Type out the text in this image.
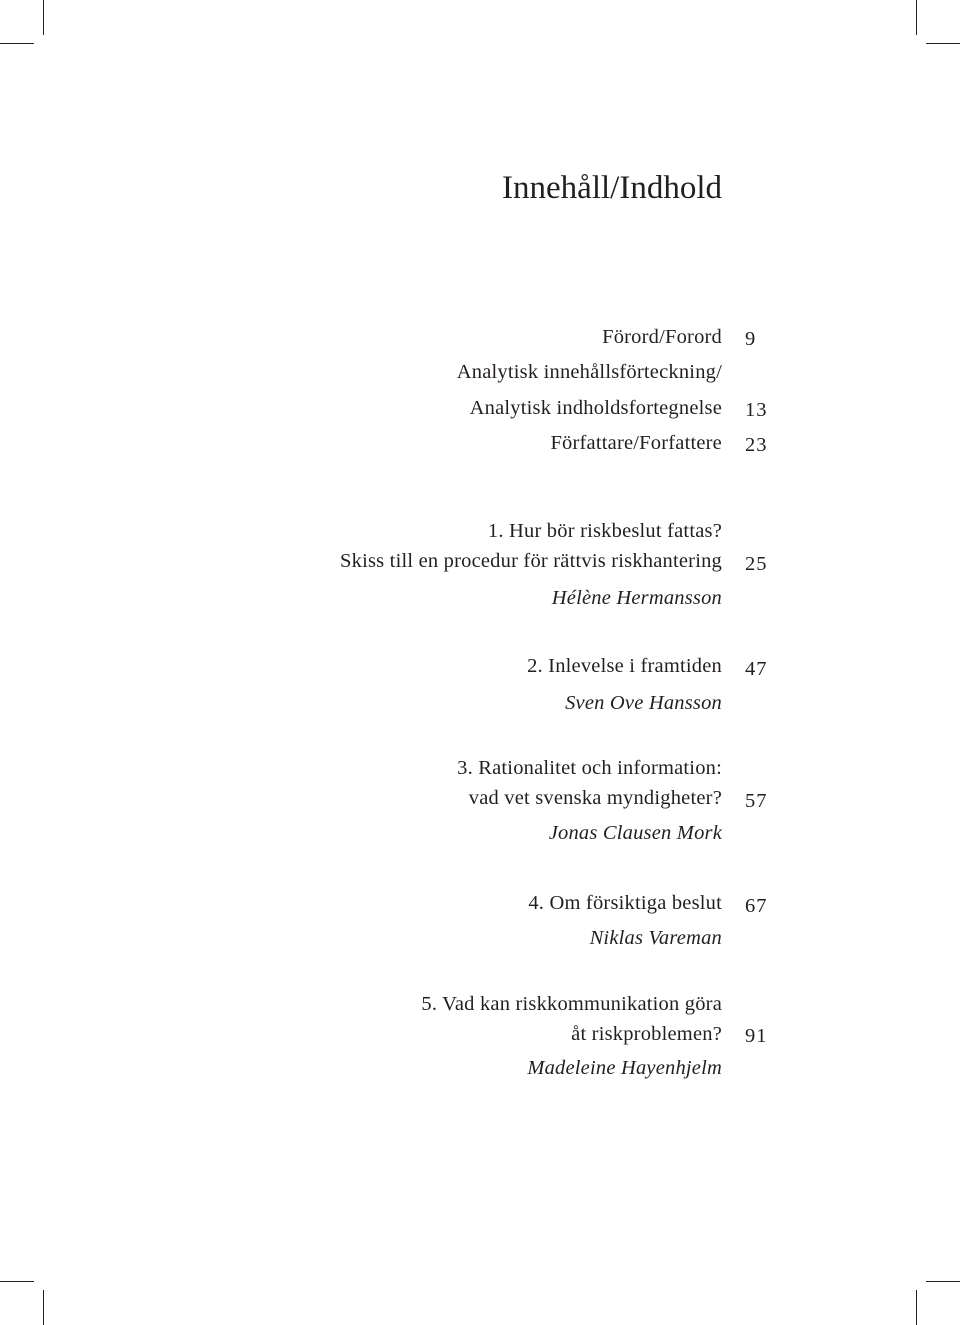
Innehåll/Indhold
Förord/Forord 9
Analytisk innehållsförteckning/
Analytisk indholdsfortegnelse 13
Författare/Forfattere 23
1. Hur bör riskbeslut fattas?
Skiss till en procedur för rättvis riskhantering 25
Hélène Hermansson
2. Inlevelse i framtiden 47
Sven Ove Hansson
3. Rationalitet och information:
vad vet svenska myndigheter? 57
Jonas Clausen Mork
4. Om försiktiga beslut 67
Niklas Vareman
5. Vad kan riskkommunikation göra
åt riskproblemen? 91
Madeleine Hayenhjelm
